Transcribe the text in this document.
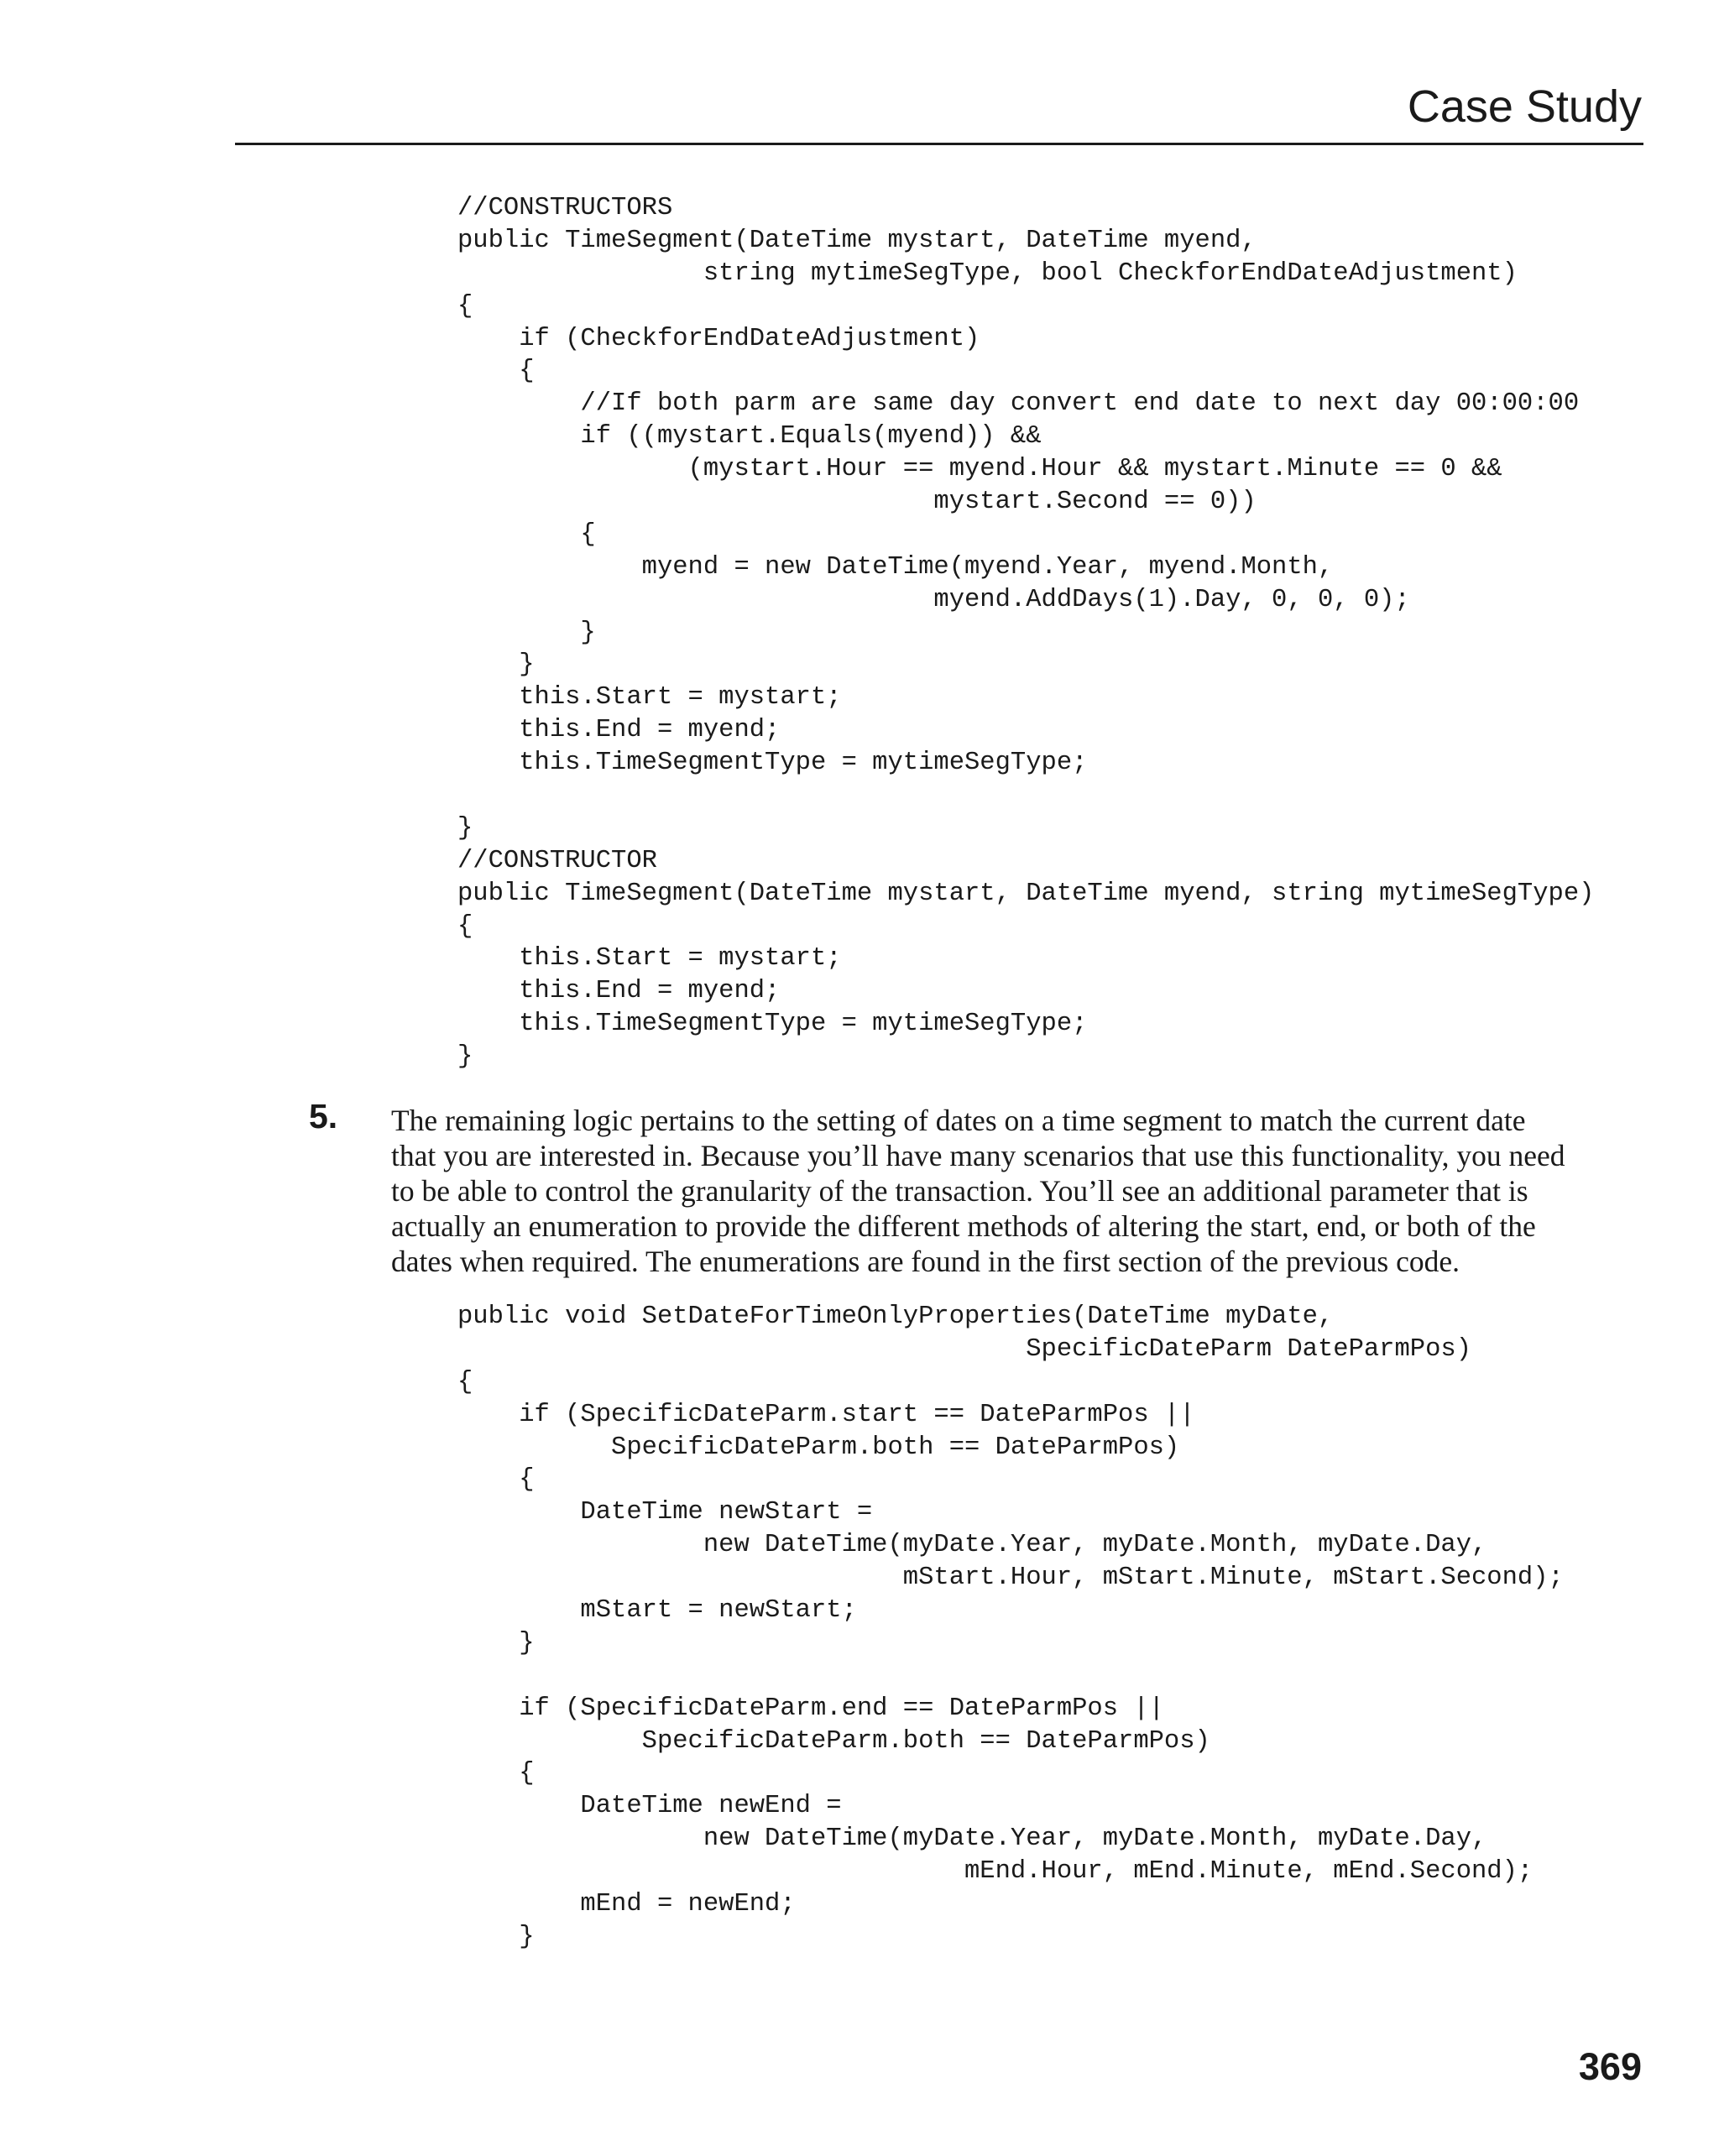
Case Study
//CONSTRUCTORS
public TimeSegment(DateTime mystart, DateTime myend,
string mytimeSegType, bool CheckforEndDateAdjustment)
{
if (CheckforEndDateAdjustment)
{
//If both parm are same day convert end date to next day 00:00:00
if ((mystart.Equals(myend)) &&
(mystart.Hour == myend.Hour && mystart.Minute == 0 &&
mystart.Second == 0))
{
myend = new DateTime(myend.Year, myend.Month,
myend.AddDays(1).Day, 0, 0, 0);
}
}
this.Start = mystart;
this.End = myend;
this.TimeSegmentType = mytimeSegType;
}
//CONSTRUCTOR
public TimeSegment(DateTime mystart, DateTime myend, string mytimeSegType)
{
this.Start = mystart;
this.End = myend;
this.TimeSegmentType = mytimeSegType;
}
5. The remaining logic pertains to the setting of dates on a time segment to match the current date
that you are interested in. Because you’ll have many scenarios that use this functionality, you need
to be able to control the granularity of the transaction. You’ll see an additional parameter that is
actually an enumeration to provide the different methods of altering the start, end, or both of the
dates when required. The enumerations are found in the first section of the previous code.
public void SetDateForTimeOnlyProperties(DateTime myDate,
SpecificDateParm DateParmPos)
{
if (SpecificDateParm.start == DateParmPos ||
SpecificDateParm.both == DateParmPos)
{
DateTime newStart =
new DateTime(myDate.Year, myDate.Month, myDate.Day,
mStart.Hour, mStart.Minute, mStart.Second);
mStart = newStart;
}
if (SpecificDateParm.end == DateParmPos ||
SpecificDateParm.both == DateParmPos)
{
DateTime newEnd =
new DateTime(myDate.Year, myDate.Month, myDate.Day,
mEnd.Hour, mEnd.Minute, mEnd.Second);
mEnd = newEnd;
}
369
